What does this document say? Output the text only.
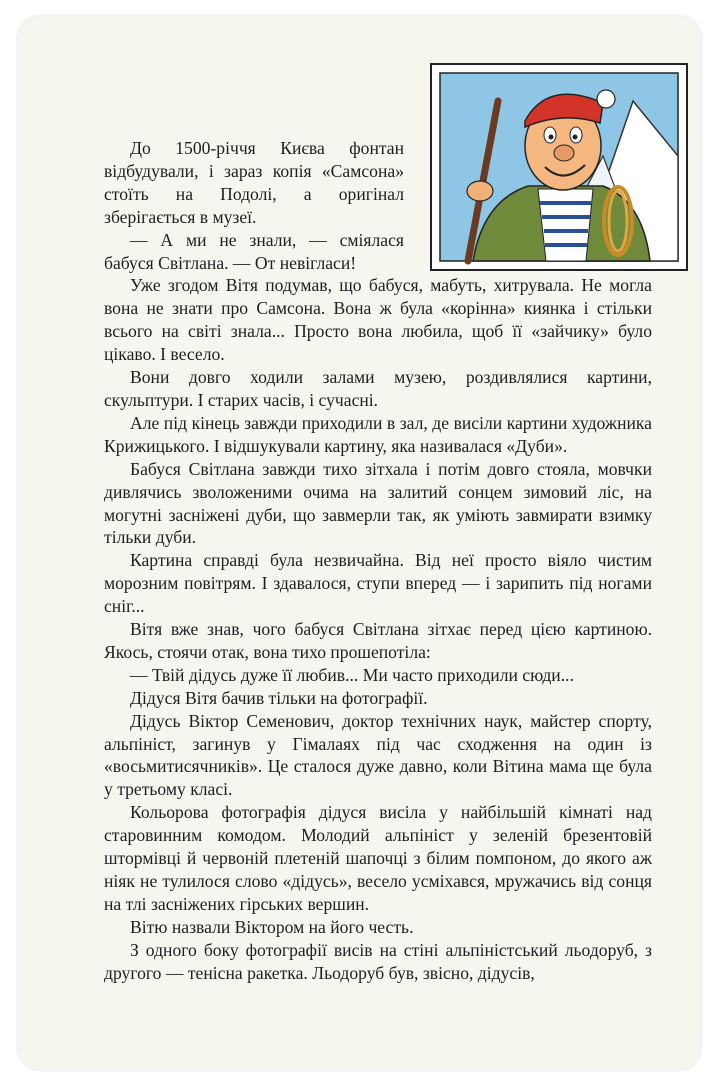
До 1500-річчя Києва фонтан відбудували, і зараз копія «Самсона» стоїть на Подолі, а оригінал зберігається в музеї.

— А ми не знали, — сміялася бабуся Світлана. — От невігласи!

Уже згодом Вітя подумав, що бабуся, мабуть, хитрувала. Не могла вона не знати про Самсона. Вона ж була «корінна» киянка і стільки всього на світі знала... Просто вона любила, щоб її «зайчику» було цікаво. І весело.

Вони довго ходили залами музею, роздивлялися картини, скульптури. І старих часів, і сучасні.

Але під кінець завжди приходили в зал, де висіли картини художника Крижицького. І відшукували картину, яка називалася «Дуби».

Бабуся Світлана завжди тихо зітхала і потім довго стояла, мовчки дивлячись зволоженими очима на залитий сонцем зимовий ліс, на могутні засніжені дуби, що завмерли так, як уміють завмирати взимку тільки дуби.

Картина справді була незвичайна. Від неї просто віяло чистим морозним повітрям. І здавалося, ступи вперед — і зарипить під ногами сніг...

Вітя вже знав, чого бабуся Світлана зітхає перед цією картиною. Якось, стоячи отак, вона тихо прошепотіла:

— Твій дідусь дуже її любив... Ми часто приходили сюди...

Дідуся Вітя бачив тільки на фотографії.

Дідусь Віктор Семенович, доктор технічних наук, майстер спорту, альпініст, загинув у Гімалаях під час сходження на один із «восьмитисячників». Це сталося дуже давно, коли Вітина мама ще була у третьому класі.

Кольорова фотографія дідуся висіла у найбільшій кімнаті над старовинним комодом. Молодий альпініст у зеленій брезентовій штормівці й червоній плетеній шапочці з білим помпоном, до якого аж ніяк не тулилося слово «дідусь», весело усміхався, мружачись від сонця на тлі засніжених гірських вершин.

Вітю назвали Віктором на його честь.

З одного боку фотографії висів на стіні альпіністський льодоруб, з другого — тенісна ракетка. Льодоруб був, звісно, дідусів,
